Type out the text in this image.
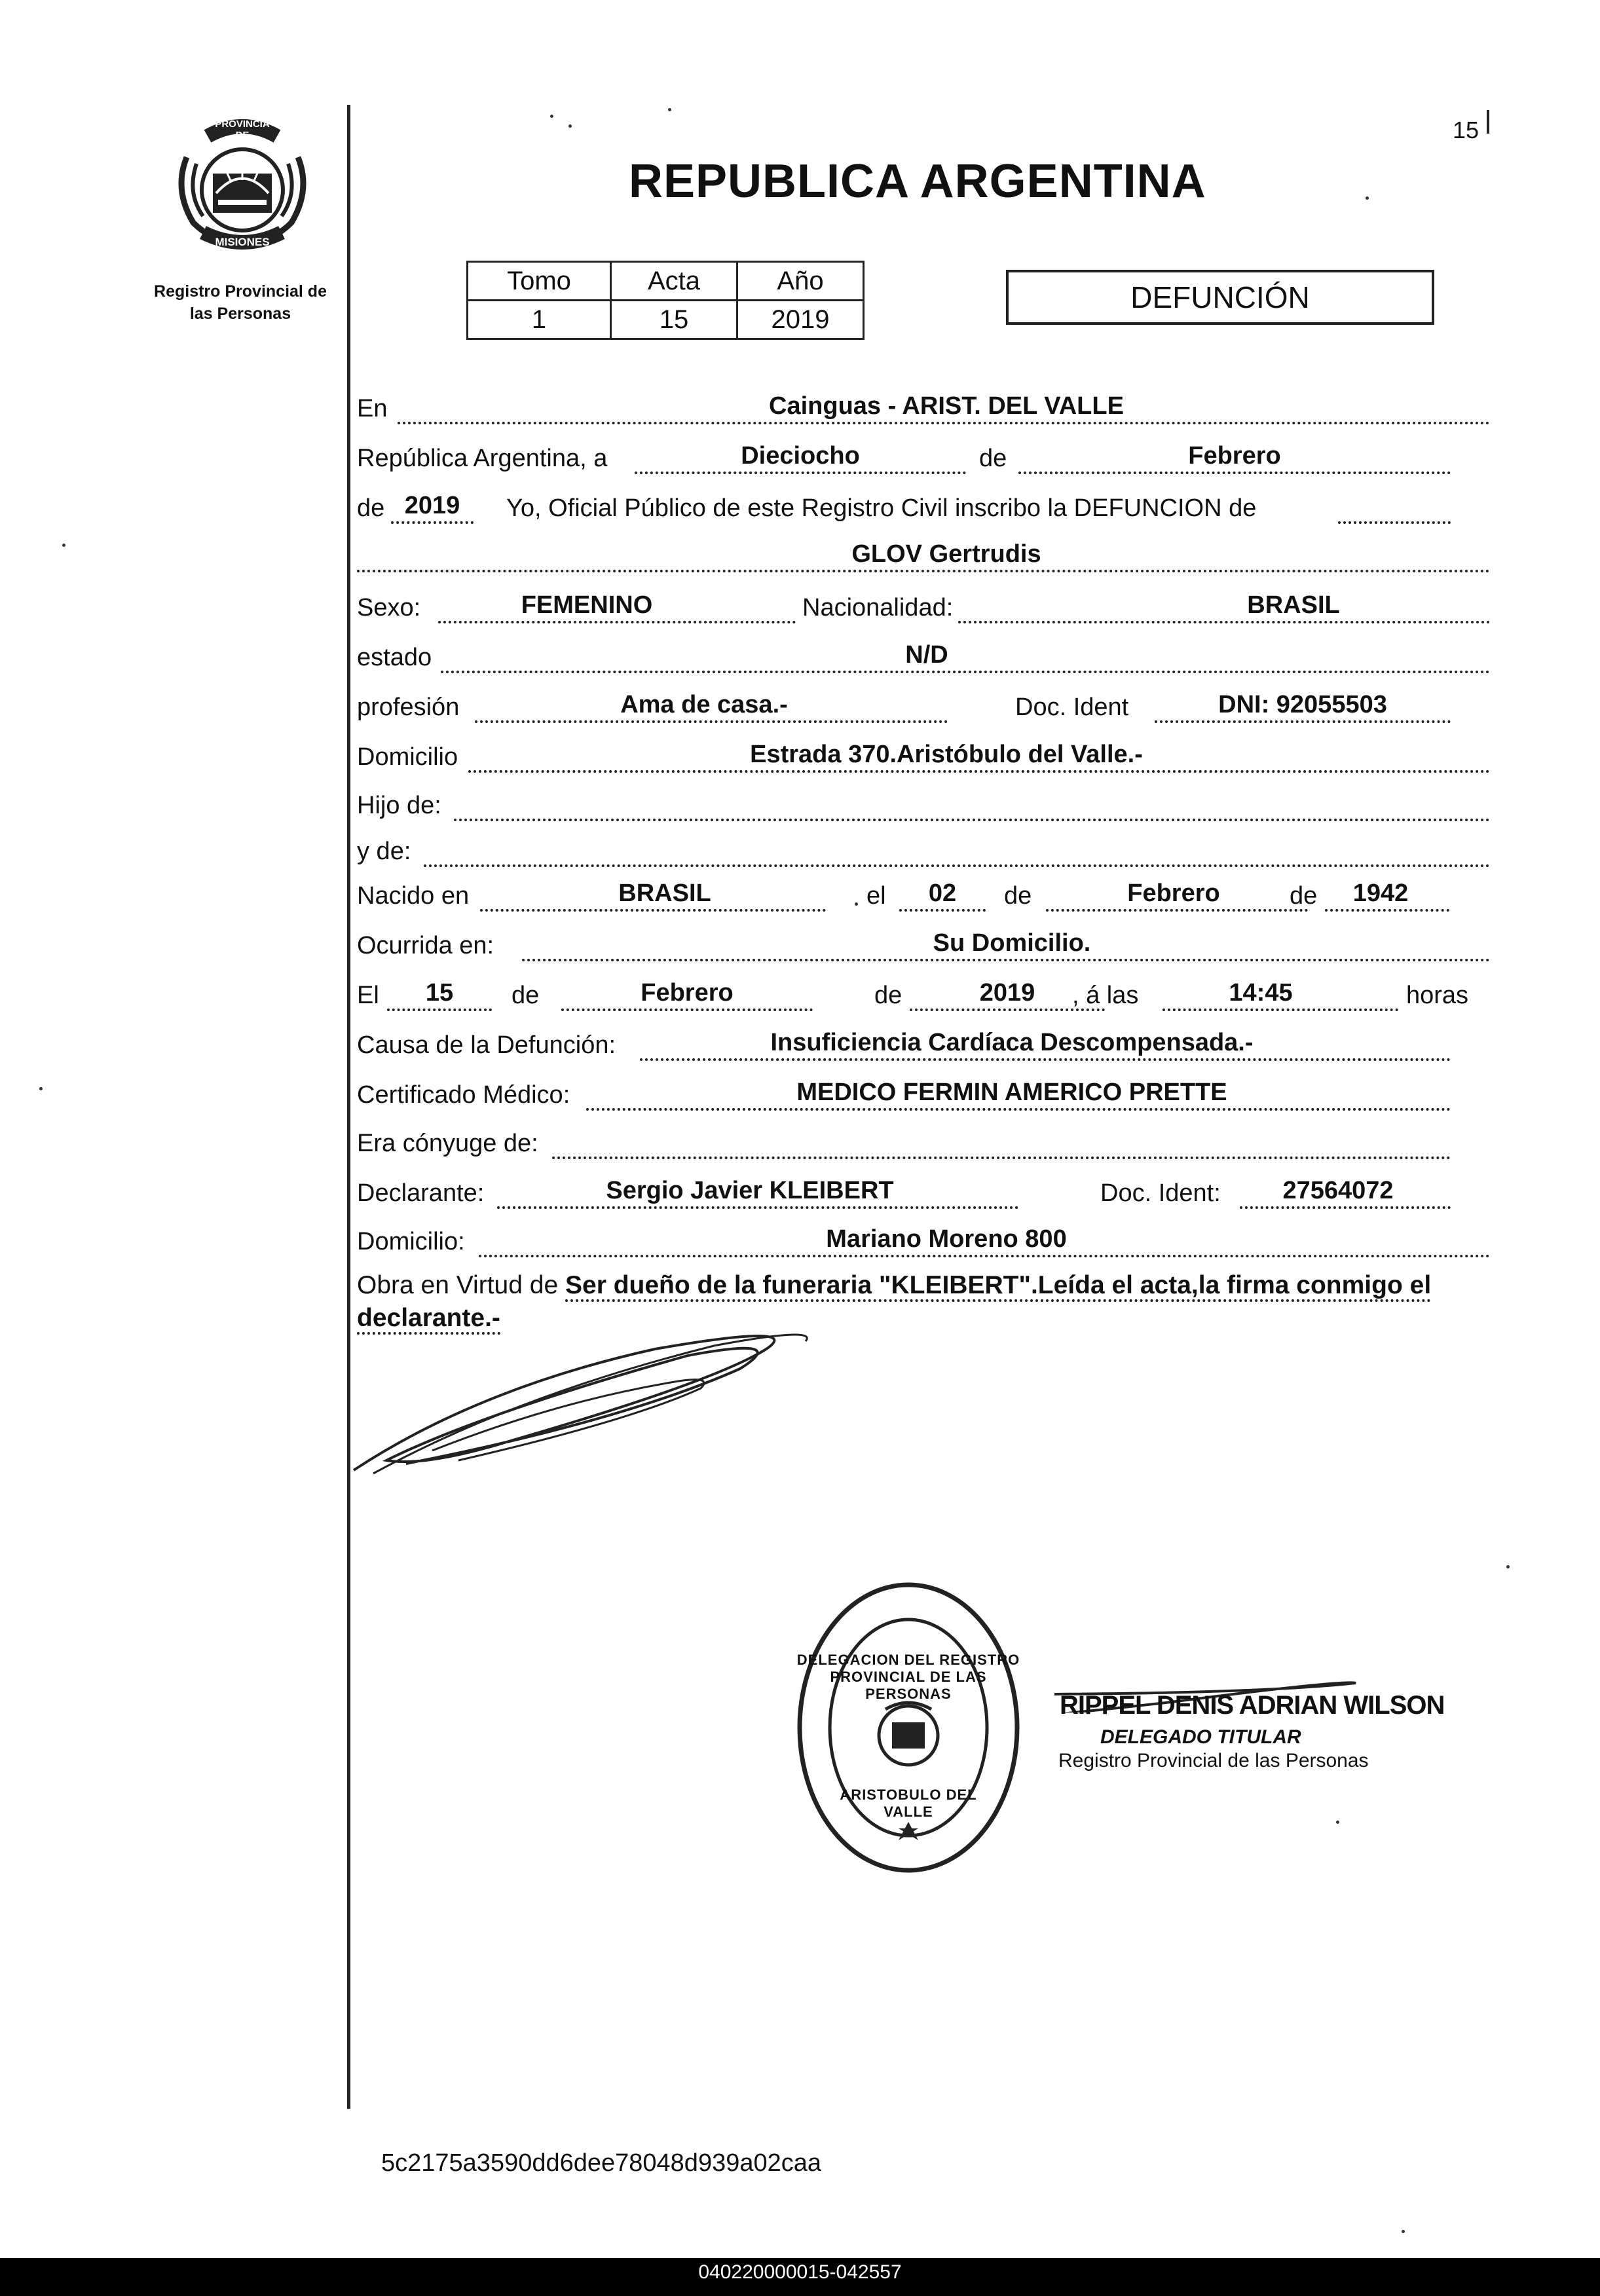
PROVINCIA DE
MISIONES
Registro Provincial de las Personas
REPUBLICA ARGENTINA
15
Tomo	Acta	Año
1	15	2019
DEFUNCIÓN
En	Cainguas - ARIST. DEL VALLE
República Argentina, a	Dieciocho	de	Febrero
de 2019	Yo, Oficial Público de este Registro Civil inscribo la DEFUNCION de
GLOV Gertrudis
Sexo:	FEMENINO	Nacionalidad:	BRASIL
estado	N/D
profesión	Ama de casa.-	Doc. Ident	DNI: 92055503
Domicilio	Estrada 370.Aristóbulo del Valle.-
Hijo de:
y de:
Nacido en	BRASIL	el	02	de	Febrero	de	1942
Ocurrida en:	Su Domicilio.
El	15	de	Febrero	de	2019	, á las	14:45	horas
Causa de la Defunción:	Insuficiencia Cardíaca Descompensada.-
Certificado Médico:	MEDICO FERMIN AMERICO PRETTE
Era cónyuge de:
Declarante:	Sergio Javier KLEIBERT	Doc. Ident:	27564072
Domicilio:	Mariano Moreno 800
Obra en Virtud de Ser dueño de la funeraria "KLEIBERT".Leída el acta,la firma conmigo el declarante.-
DELEGACION DEL REGISTRO PROVINCIAL DE LAS PERSONAS
ARISTOBULO DEL VALLE
RIPPEL DENIS ADRIAN WILSON
DELEGADO TITULAR
Registro Provincial de las Personas
5c2175a3590dd6dee78048d939a02caa
040220000015-042557
